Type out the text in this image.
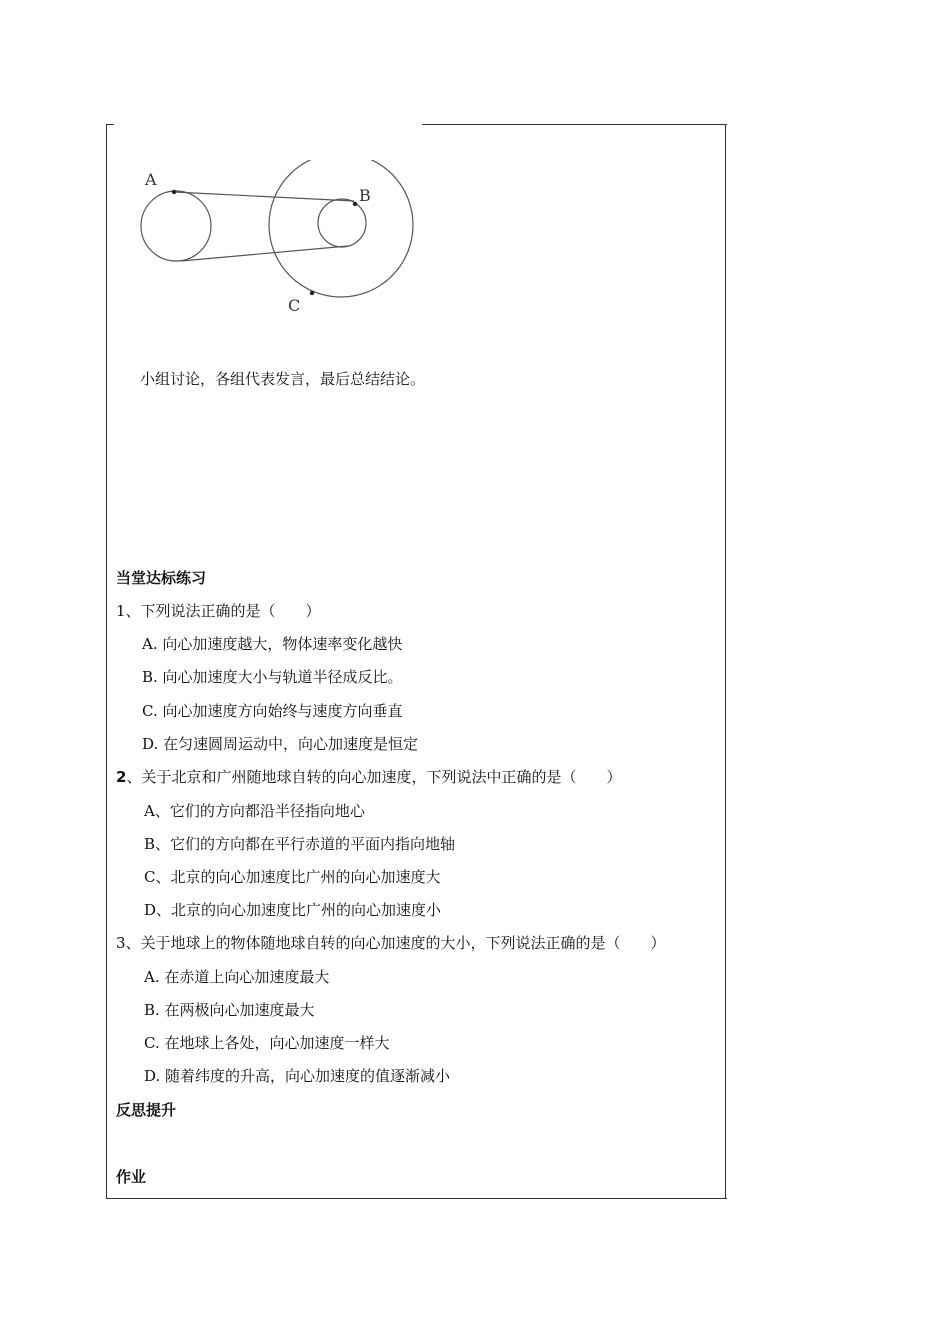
A
B
C
小组讨论，各组代表发言，最后总结结论。
当堂达标练习
1、下列说法正确的是（　　）
A. 向心加速度越大，物体速率变化越快
B. 向心加速度大小与轨道半径成反比。
C. 向心加速度方向始终与速度方向垂直
D. 在匀速圆周运动中，向心加速度是恒定
2、关于北京和广州随地球自转的向心加速度，下列说法中正确的是（　　）
A、它们的方向都沿半径指向地心
B、它们的方向都在平行赤道的平面内指向地轴
C、北京的向心加速度比广州的向心加速度大
D、北京的向心加速度比广州的向心加速度小
3、关于地球上的物体随地球自转的向心加速度的大小，下列说法正确的是（　　）
A. 在赤道上向心加速度最大
B. 在两极向心加速度最大
C. 在地球上各处，向心加速度一样大
D. 随着纬度的升高，向心加速度的值逐渐减小
反思提升
作业
